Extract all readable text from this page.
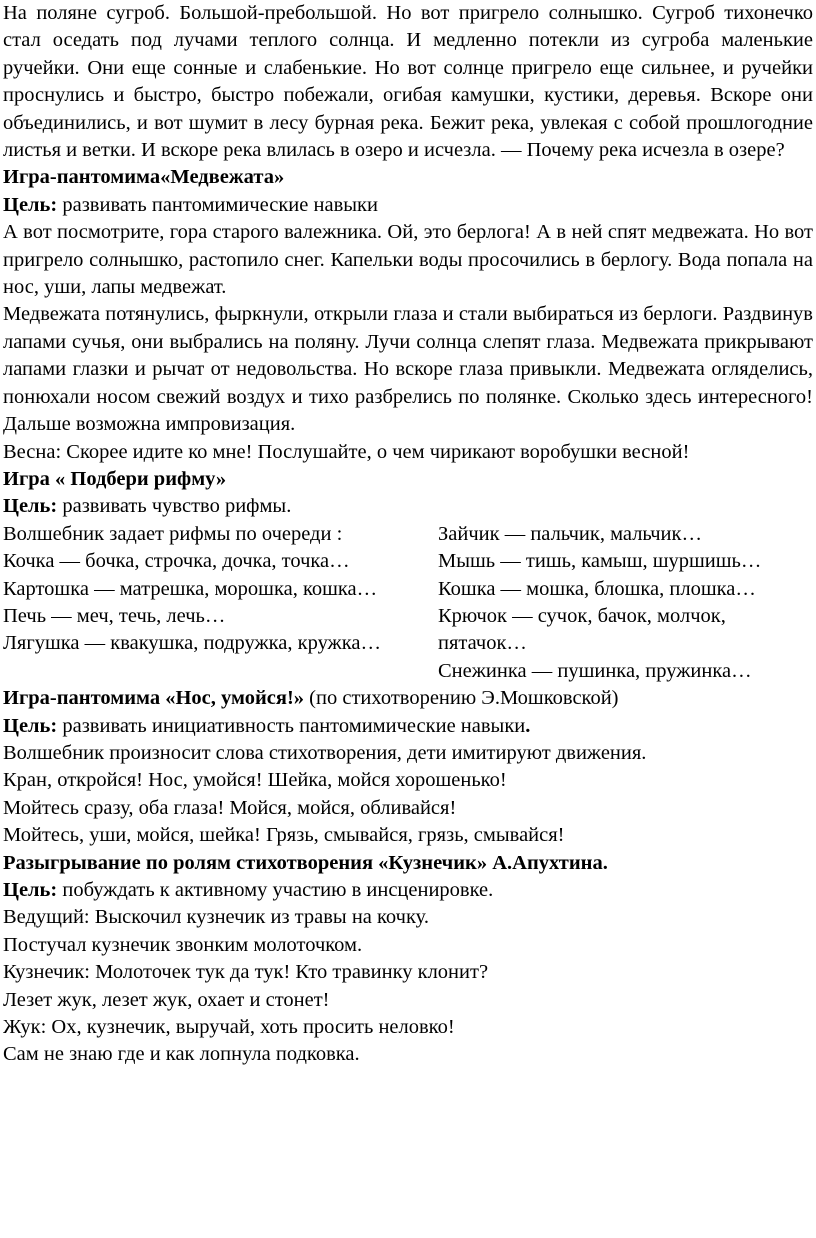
На поляне сугроб. Большой-пребольшой. Но вот пригрело солнышко. Сугроб тихонечко стал оседать под лучами теплого солнца. И медленно потекли из сугроба маленькие ручейки. Они еще сонные и слабенькие. Но вот солнце пригрело еще сильнее, и ручейки проснулись и быстро, быстро побежали, огибая камушки, кустики, деревья. Вскоре они объединились, и вот шумит в лесу бурная река. Бежит река, увлекая с собой прошлогодние листья и ветки. И вскоре река влилась в озеро и исчезла. — Почему река исчезла в озере?

Игра-пантомима«Медвежата»

Цель: развивать пантомимические навыки

А вот посмотрите, гора старого валежника. Ой, это берлога! А в ней спят медвежата. Но вот пригрело солнышко, растопило снег. Капельки воды просочились в берлогу. Вода попала на нос, уши, лапы медвежат.

Медвежата потянулись, фыркнули, открыли глаза и стали выбираться из берлоги. Раздвинув лапами сучья, они выбрались на поляну. Лучи солнца слепят глаза. Медвежата прикрывают лапами глазки и рычат от недовольства. Но вскоре глаза привыкли. Медвежата огляделись, понюхали носом свежий воздух и тихо разбрелись по полянке. Сколько здесь интересного! Дальше возможна импровизация.

Весна: Скорее идите ко мне! Послушайте, о чем чирикают воробушки весной!

Игра « Подбери рифму»

Цель: развивать чувство рифмы.

Волшебник задает рифмы по очереди :

Кочка — бочка, строчка, дочка, точка…

Картошка — матрешка, морошка, кошка…

Печь — меч, течь, лечь…

Лягушка — квакушка, подружка, кружка…

Зайчик — пальчик, мальчик…

Мышь — тишь, камыш, шуршишь…

Кошка — мошка, блошка, плошка…

Крючок — сучок, бачок, молчок, пятачок…

Снежинка — пушинка, пружинка…

Игра-пантомима «Нос, умойся!» (по стихотворению Э.Мошковской)

Цель: развивать инициативность пантомимические навыки.

Волшебник произносит слова стихотворения, дети имитируют движения.

Кран, откройся! Нос, умойся! Шейка, мойся хорошенько!

Мойтесь сразу, оба глаза! Мойся, мойся, обливайся!

Мойтесь, уши, мойся, шейка! Грязь, смывайся, грязь, смывайся!

Разыгрывание по ролям стихотворения «Кузнечик» А.Апухтина.

Цель: побуждать к активному участию в инсценировке.

Ведущий: Выскочил кузнечик из травы на кочку.

Постучал кузнечик звонким молоточком.

Кузнечик: Молоточек тук да тук! Кто травинку клонит?

Лезет жук, лезет жук, охает и стонет!

Жук: Ох, кузнечик, выручай, хоть просить неловко!

Сам не знаю где и как лопнула подковка.
